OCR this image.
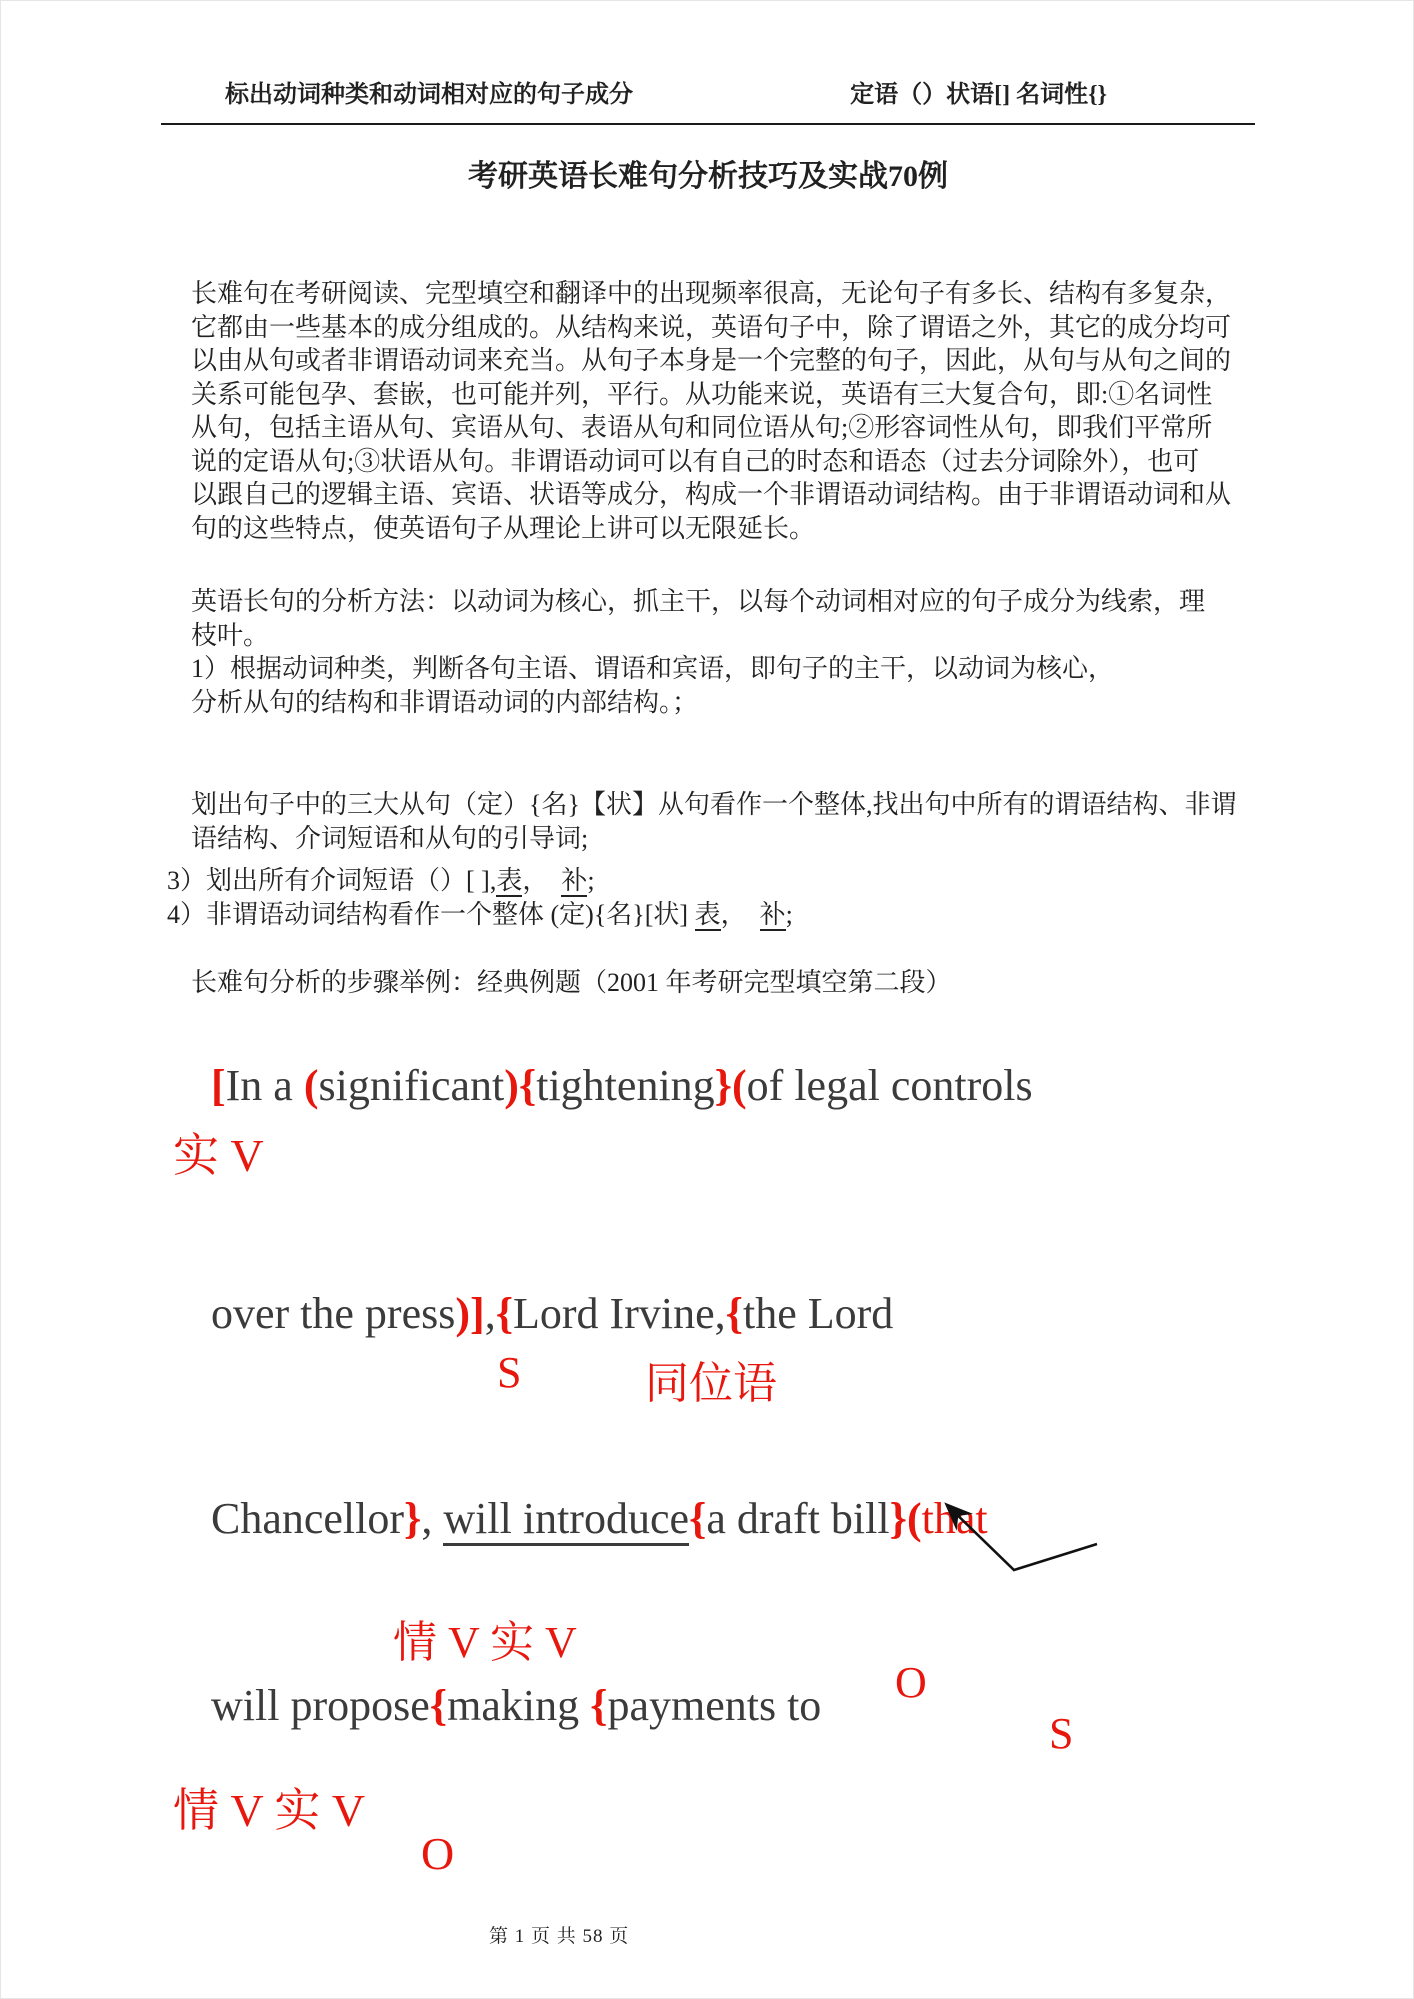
标出动词种类和动词相对应的句子成分	定语（）状语[] 名词性{}
考研英语长难句分析技巧及实战70例
长难句在考研阅读、完型填空和翻译中的出现频率很高，无论句子有多长、结构有多复杂，
它都由一些基本的成分组成的。从结构来说，英语句子中，除了谓语之外，其它的成分均可
以由从句或者非谓语动词来充当。从句子本身是一个完整的句子，因此，从句与从句之间的
关系可能包孕、套嵌，也可能并列，平行。从功能来说，英语有三大复合句，即:①名词性
从句，包括主语从句、宾语从句、表语从句和同位语从句;②形容词性从句，即我们平常所
说的定语从句;③状语从句。非谓语动词可以有自己的时态和语态（过去分词除外），也可
以跟自己的逻辑主语、宾语、状语等成分，构成一个非谓语动词结构。由于非谓语动词和从
句的这些特点，使英语句子从理论上讲可以无限延长。
英语长句的分析方法：以动词为核心，抓主干，以每个动词相对应的句子成分为线索，理
枝叶。
1）根据动词种类，判断各句主语、谓语和宾语，即句子的主干，以动词为核心，
分析从句的结构和非谓语动词的内部结构。；
划出句子中的三大从句（定）{名}【状】从句看作一个整体,找出句中所有的谓语结构、非谓
语结构、介词短语和从句的引导词;
3）划出所有介词短语（）[ ],表，　补;
4）非谓语动词结构看作一个整体 (定){名}[状] 表，　补;
长难句分析的步骤举例：经典例题（2001 年考研完型填空第二段）

[In a (significant){tightening}(of legal controls

实 V

over the press)],{Lord Irvine,{the Lord

S	同位语

Chancellor}, will introduce{a draft bill}(that

情 V 实 V

O

S

will propose{making {payments to

情 V 实 V

O

第 1 页 共 58 页
